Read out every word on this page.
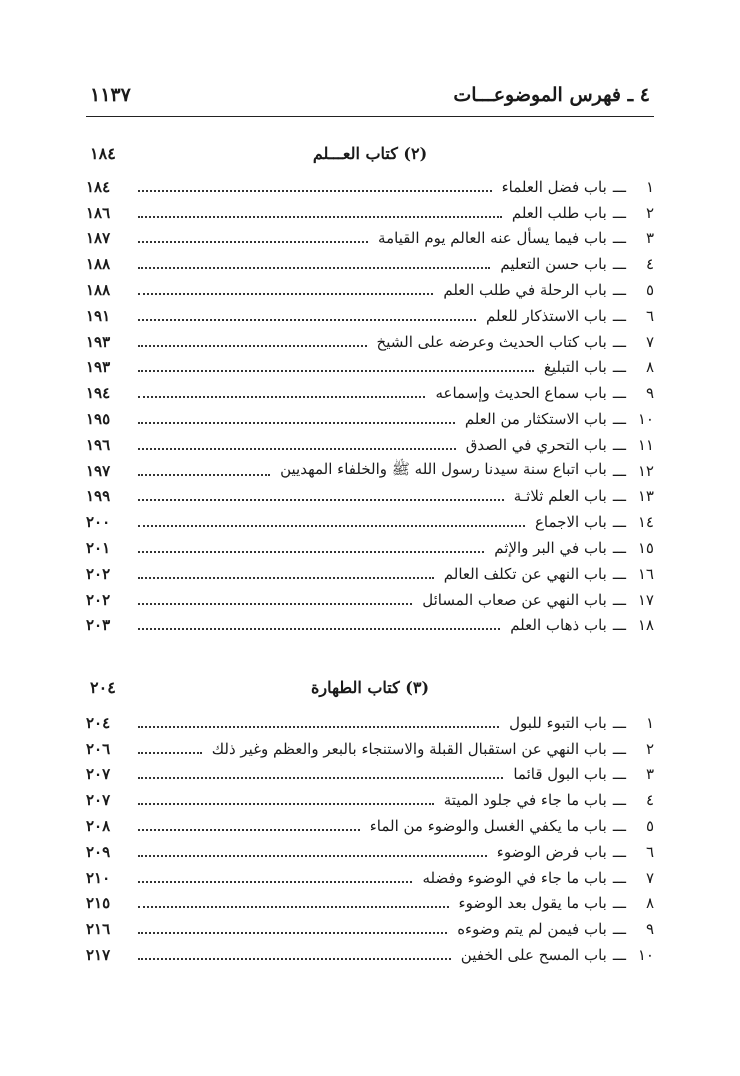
٤ ـ فهرس الموضوعـــات
١١٣٧
(٢) كتاب العـــلم
١٨٤
١
ـــ
باب فضل العلماء
١٨٤
٢
ـــ
باب طلب العلم
١٨٦
٣
ـــ
باب فيما يسأل عنه العالم يوم القيامة
١٨٧
٤
ـــ
باب حسن التعليم
١٨٨
٥
ـــ
باب الرحلة في طلب العلم
١٨٨
٦
ـــ
باب الاستذكار للعلم
١٩١
٧
ـــ
باب كتاب الحديث وعرضه على الشيخ
١٩٣
٨
ـــ
باب التبليغ
١٩٣
٩
ـــ
باب سماع الحديث وإسماعه
١٩٤
١٠
ـــ
باب الاستكثار من العلم
١٩٥
١١
ـــ
باب التحري في الصدق
١٩٦
١٢
ـــ
باب اتباع سنة سيدنا رسول الله ﷺ والخلفاء المهديين
١٩٧
١٣
ـــ
باب العلم ثلاثـة
١٩٩
١٤
ـــ
باب الاجماع
٢٠٠
١٥
ـــ
باب في البر والإثم
٢٠١
١٦
ـــ
باب النهي عن تكلف العالم
٢٠٢
١٧
ـــ
باب النهي عن صعاب المسائل
٢٠٢
١٨
ـــ
باب ذهاب العلم
٢٠٣
(٣) كتاب الطهارة
٢٠٤
١
ـــ
باب التبوء للبول
٢٠٤
٢
ـــ
باب النهي عن استقبال القبلة والاستنجاء بالبعر والعظم وغير ذلك
٢٠٦
٣
ـــ
باب البول قائما
٢٠٧
٤
ـــ
باب ما جاء في جلود الميتة
٢٠٧
٥
ـــ
باب ما يكفي الغسل والوضوء من الماء
٢٠٨
٦
ـــ
باب فرض الوضوء
٢٠٩
٧
ـــ
باب ما جاء في الوضوء وفضله
٢١٠
٨
ـــ
باب ما يقول بعد الوضوء
٢١٥
٩
ـــ
باب فيمن لم يتم وضوءه
٢١٦
١٠
ـــ
باب المسح على الخفين
٢١٧
